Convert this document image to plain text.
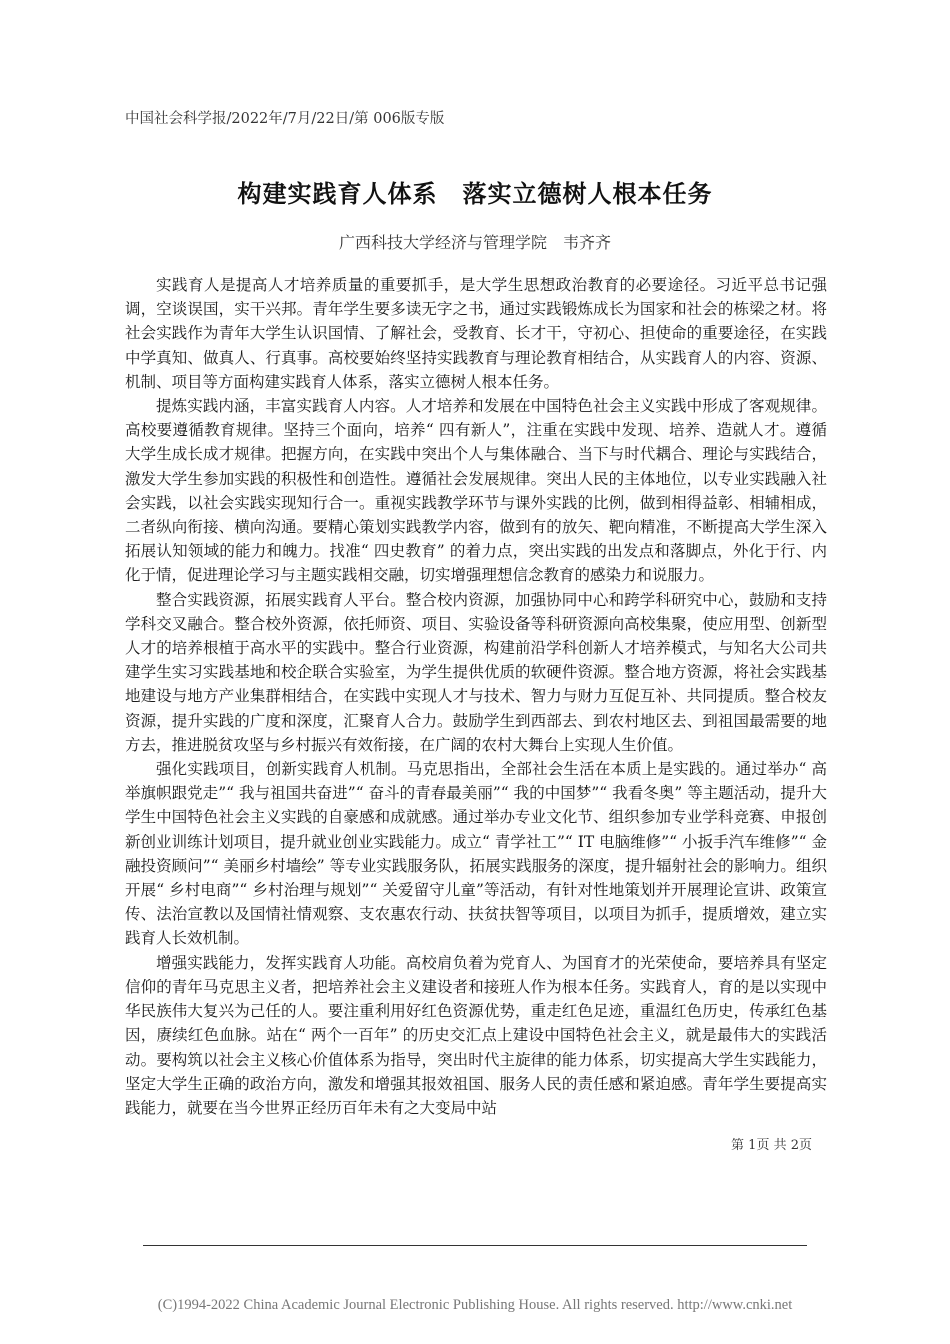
中国社会科学报/2022年/7月/22日/第 006版专版
构建实践育人体系　落实立德树人根本任务
广西科技大学经济与管理学院　韦齐齐

实践育人是提高人才培养质量的重要抓手，是大学生思想政治教育的必要途径。习近平总书记强调，空谈误国，实干兴邦。青年学生要多读无字之书，通过实践锻炼成长为国家和社会的栋梁之材。将社会实践作为青年大学生认识国情、了解社会，受教育、长才干，守初心、担使命的重要途径，在实践中学真知、做真人、行真事。高校要始终坚持实践教育与理论教育相结合，从实践育人的内容、资源、机制、项目等方面构建实践育人体系，落实立德树人根本任务。

提炼实践内涵，丰富实践育人内容。人才培养和发展在中国特色社会主义实践中形成了客观规律。高校要遵循教育规律。坚持三个面向，培养“ 四有新人”，注重在实践中发现、培养、造就人才。遵循大学生成长成才规律。把握方向，在实践中突出个人与集体融合、当下与时代耦合、理论与实践结合，激发大学生参加实践的积极性和创造性。遵循社会发展规律。突出人民的主体地位，以专业实践融入社会实践，以社会实践实现知行合一。重视实践教学环节与课外实践的比例，做到相得益彰、相辅相成，二者纵向衔接、横向沟通。要精心策划实践教学内容，做到有的放矢、靶向精准，不断提高大学生深入拓展认知领域的能力和魄力。找准“ 四史教育” 的着力点，突出实践的出发点和落脚点，外化于行、内化于情，促进理论学习与主题实践相交融，切实增强理想信念教育的感染力和说服力。

整合实践资源，拓展实践育人平台。整合校内资源，加强协同中心和跨学科研究中心，鼓励和支持学科交叉融合。整合校外资源，依托师资、项目、实验设备等科研资源向高校集聚，使应用型、创新型人才的培养根植于高水平的实践中。整合行业资源，构建前沿学科创新人才培养模式，与知名大公司共建学生实习实践基地和校企联合实验室，为学生提供优质的软硬件资源。整合地方资源，将社会实践基地建设与地方产业集群相结合，在实践中实现人才与技术、智力与财力互促互补、共同提质。整合校友资源，提升实践的广度和深度，汇聚育人合力。鼓励学生到西部去、到农村地区去、到祖国最需要的地方去，推进脱贫攻坚与乡村振兴有效衔接，在广阔的农村大舞台上实现人生价值。

强化实践项目，创新实践育人机制。马克思指出，全部社会生活在本质上是实践的。通过举办“ 高举旗帜跟党走”“ 我与祖国共奋进”“ 奋斗的青春最美丽”“ 我的中国梦”“ 我看冬奥” 等主题活动，提升大学生中国特色社会主义实践的自豪感和成就感。通过举办专业文化节、组织参加专业学科竞赛、申报创新创业训练计划项目，提升就业创业实践能力。成立“ 青学社工”“ IT 电脑维修”“ 小扳手汽车维修”“ 金融投资顾问”“ 美丽乡村墙绘” 等专业实践服务队，拓展实践服务的深度，提升辐射社会的影响力。组织开展“ 乡村电商”“ 乡村治理与规划”“ 关爱留守儿童”等活动，有针对性地策划并开展理论宣讲、政策宣传、法治宣教以及国情社情观察、支农惠农行动、扶贫扶智等项目，以项目为抓手，提质增效，建立实践育人长效机制。

增强实践能力，发挥实践育人功能。高校肩负着为党育人、为国育才的光荣使命，要培养具有坚定信仰的青年马克思主义者，把培养社会主义建设者和接班人作为根本任务。实践育人，育的是以实现中华民族伟大复兴为己任的人。要注重利用好红色资源优势，重走红色足迹，重温红色历史，传承红色基因，赓续红色血脉。站在“ 两个一百年” 的历史交汇点上建设中国特色社会主义，就是最伟大的实践活动。要构筑以社会主义核心价值体系为指导，突出时代主旋律的能力体系，切实提高大学生实践能力，坚定大学生正确的政治方向，激发和增强其报效祖国、服务人民的责任感和紧迫感。青年学生要提高实践能力，就要在当今世界正经历百年未有之大变局中站

第 1页 共 2页
(C)1994-2022 China Academic Journal Electronic Publishing House. All rights reserved. http://www.cnki.net
